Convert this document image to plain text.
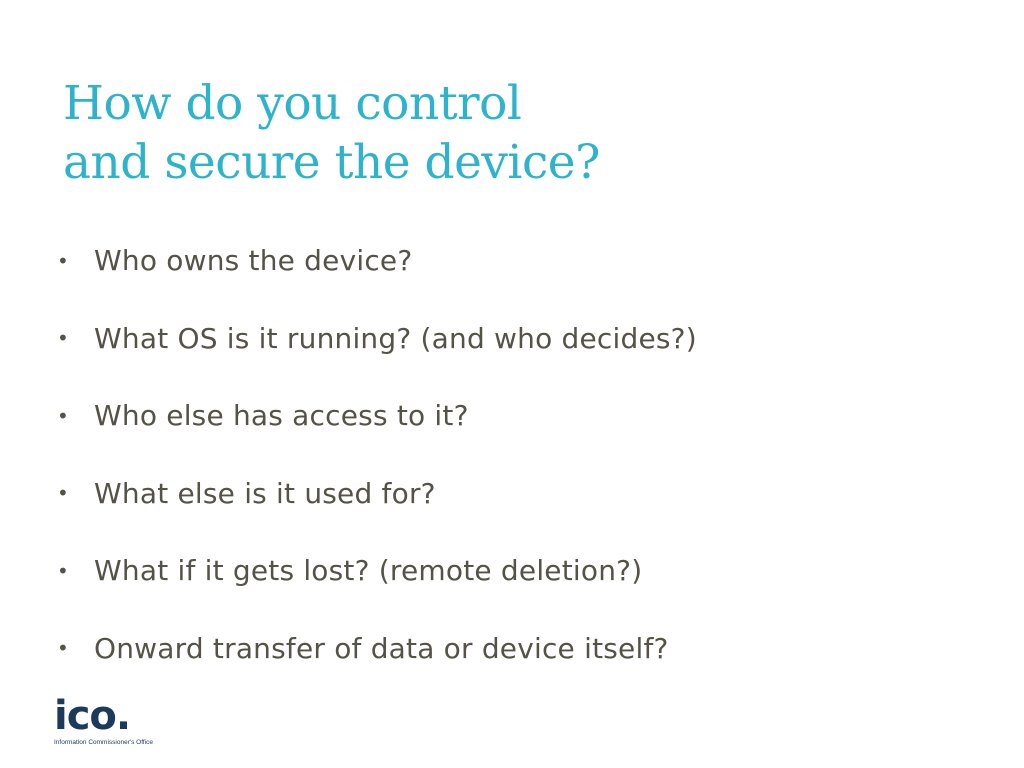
How do you control
and secure the device?
• Who owns the device?
• What OS is it running? (and who decides?)
• Who else has access to it?
• What else is it used for?
• What if it gets lost? (remote deletion?)
• Onward transfer of data or device itself?
ico.
Information Commissioner's Office
